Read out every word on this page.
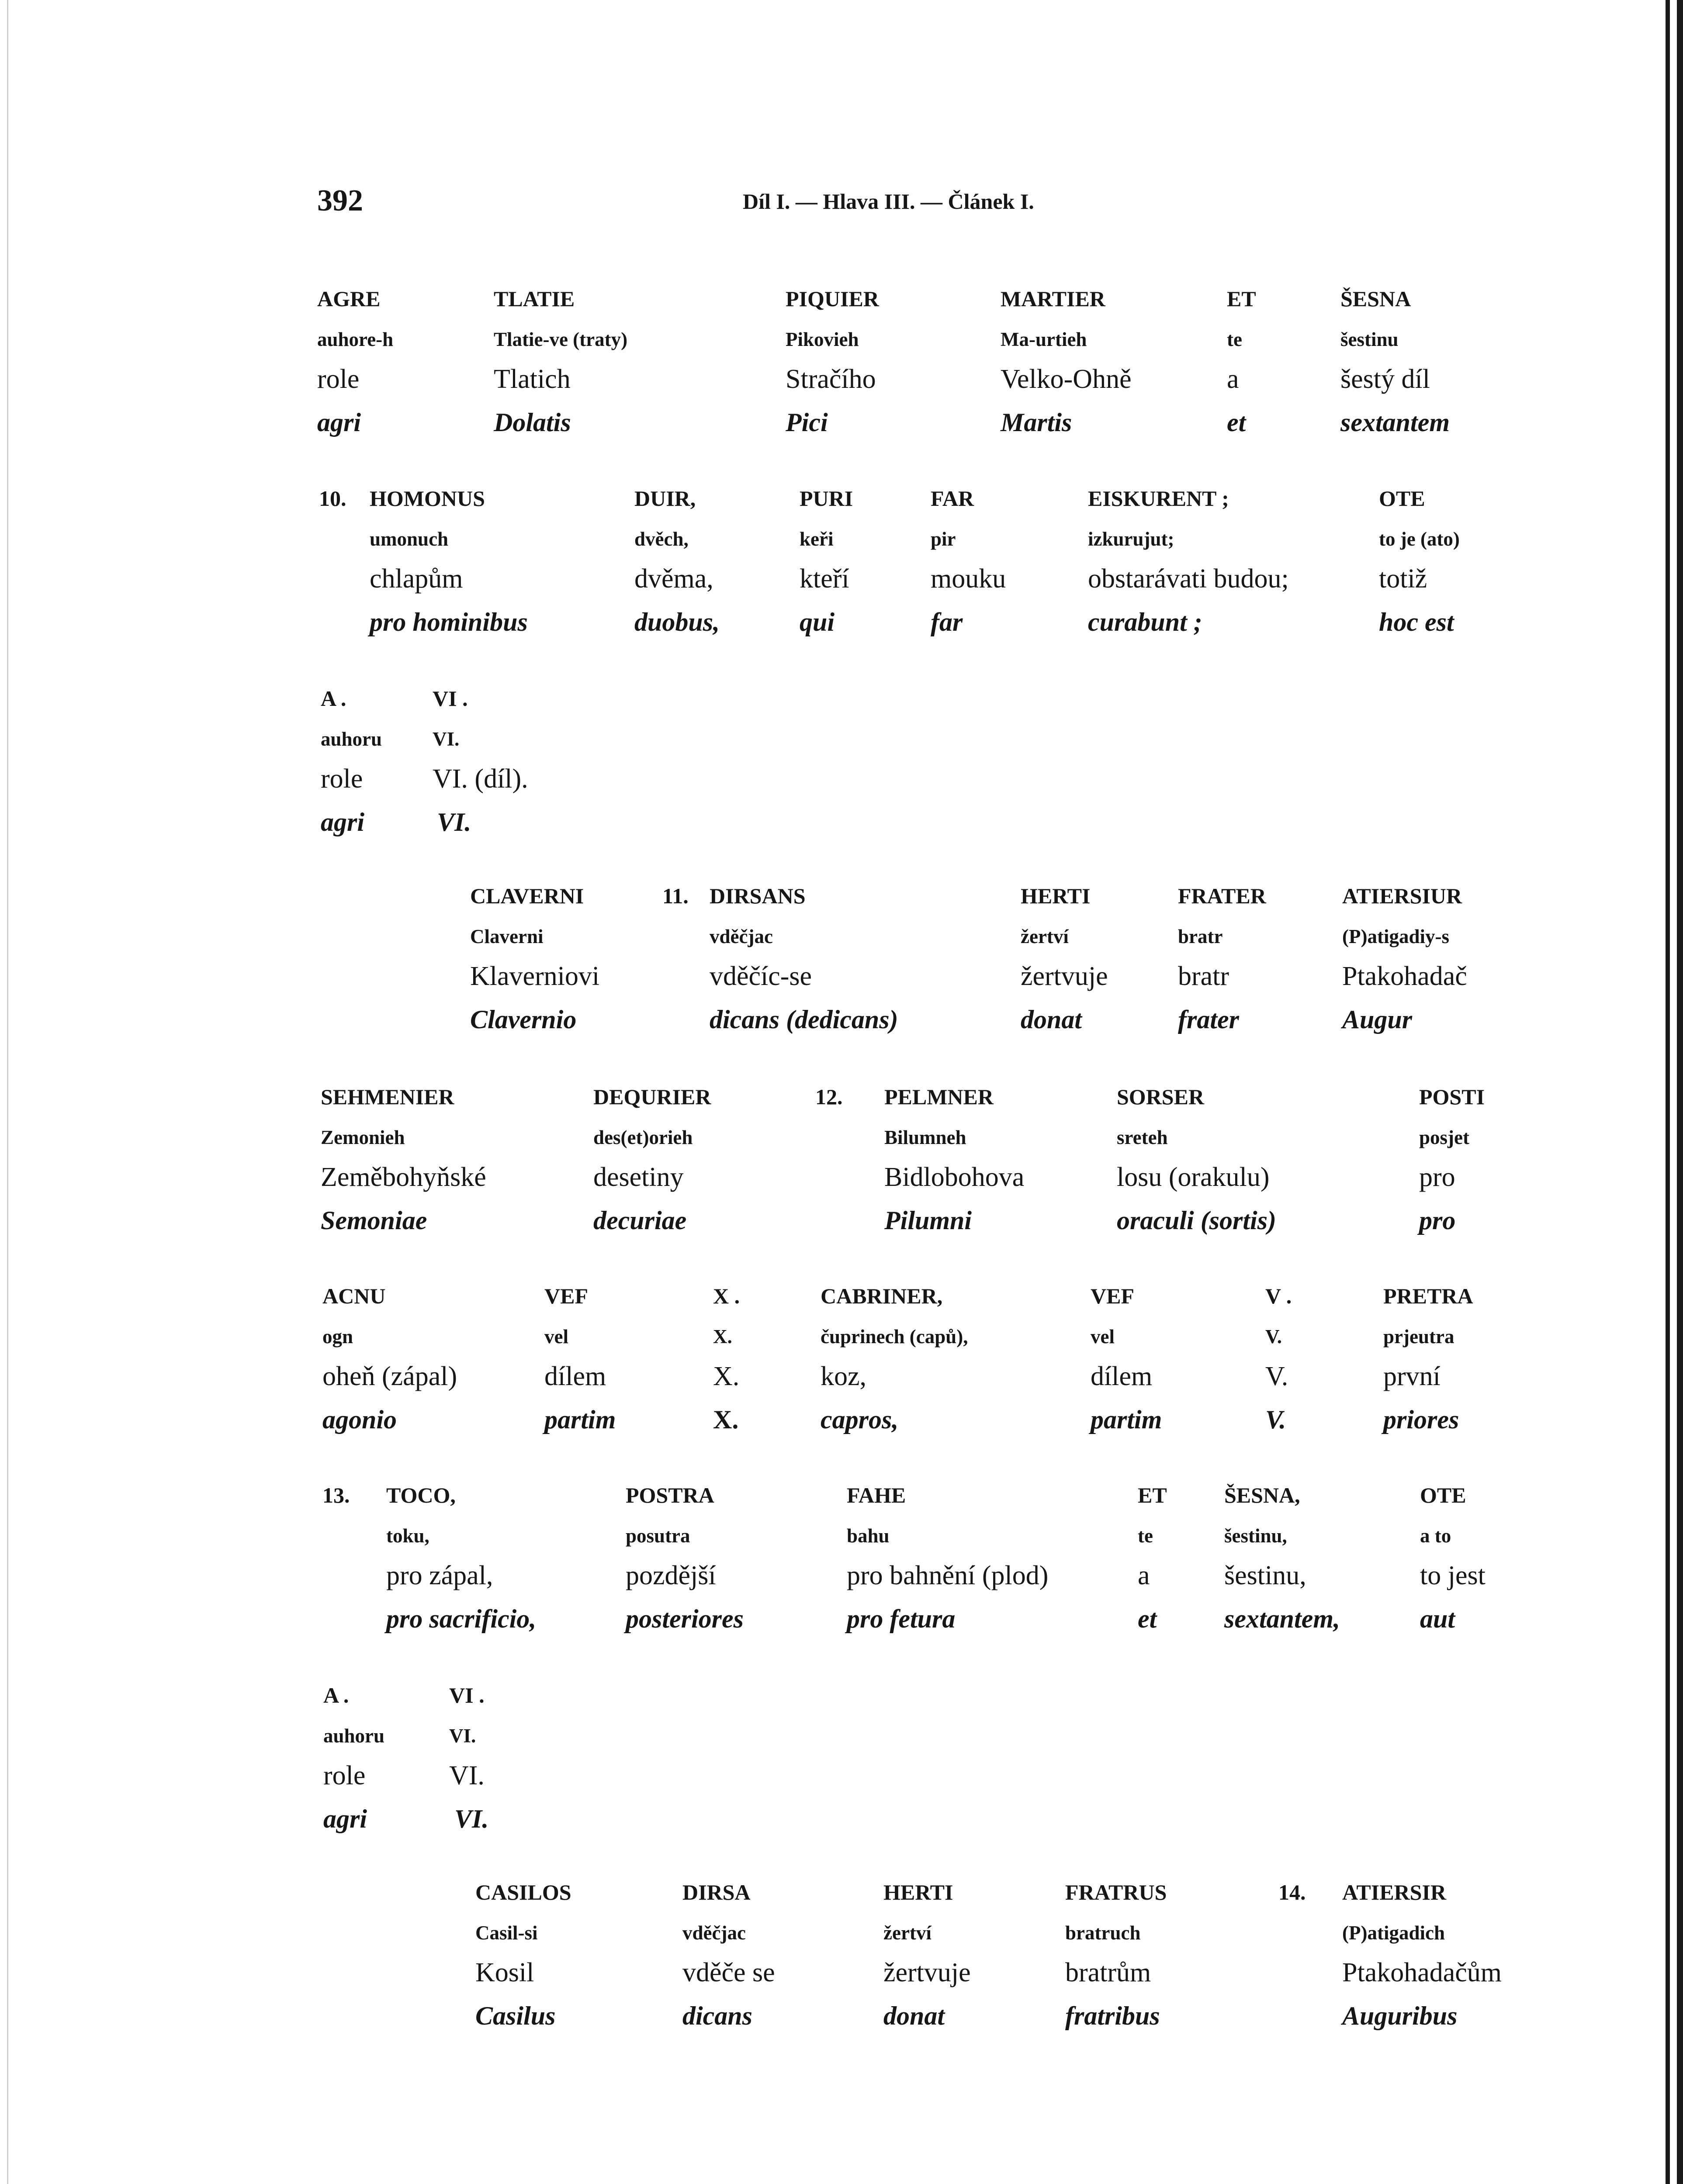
392	Díl I. — Hlava III. — Článek I.
AGRE
auhore-h
role
agri
TLATIE
Tlatie-ve (traty)
Tlatich
Dolatis
PIQUIER
Pikovieh
Stračího
Pici
MARTIER
Ma-urtieh
Velko-Ohně
Martis
ET
te
a
et
ŠESNA
šestinu
šestý díl
sextantem
10. HOMONUS
umonuch
chlapům
pro hominibus
DUIR,
dvěch,
dvěma,
duobus,
PURI
keři
kteří
qui
FAR
pir
mouku
far
EISKURENT ;
izkurujut;
obstarávati budou;
curabunt ;
OTE
to je (ato)
totiž
hoc est
A .
auhoru
role
agri
VI .
VI.
VI. (díl).
VI.
CLAVERNI
Claverni
Klaverniovi
Clavernio
11. DIRSANS
vděčjac
vděčíc-se
dicans (dedicans)
HERTI
žertví
žertvuje
donat
FRATER
bratr
bratr
frater
ATIERSIUR
(P)atigadiy-s
Ptakohadač
Augur
SEHMENIER
Zemonieh
Zeměbohyňské
Semoniae
DEQURIER
des(et)orieh
desetiny
decuriae
12. PELMNER
Bilumneh
Bidlobohova
Pilumni
SORSER
sreteh
losu (orakulu)
oraculi (sortis)
POSTI
posjet
pro
pro
ACNU
ogn
oheň (zápal)
agonio
VEF
vel
dílem
partim
X .
X.
X.
X.
CABRINER,
čuprinech (capů),
koz,
capros,
VEF
vel
dílem
partim
V .
V.
V.
V.
PRETRA
prjeutra
první
priores
13. TOCO,
toku,
pro zápal,
pro sacrificio,
POSTRA
posutra
pozdější
posteriores
FAHE
bahu
pro bahnění (plod)
pro fetura
ET
te
a
et
ŠESNA,
šestinu,
šestinu,
sextantem,
OTE
a to
to jest
aut
A .
auhoru
role
agri
VI .
VI.
VI.
VI.
CASILOS
Casil-si
Kosil
Casilus
DIRSA
vděčjac
vděče se
dicans
HERTI
žertví
žertvuje
donat
FRATRUS
bratruch
bratrům
fratribus
14. ATIERSIR
(P)atigadich
Ptakohadačům
Auguribus
